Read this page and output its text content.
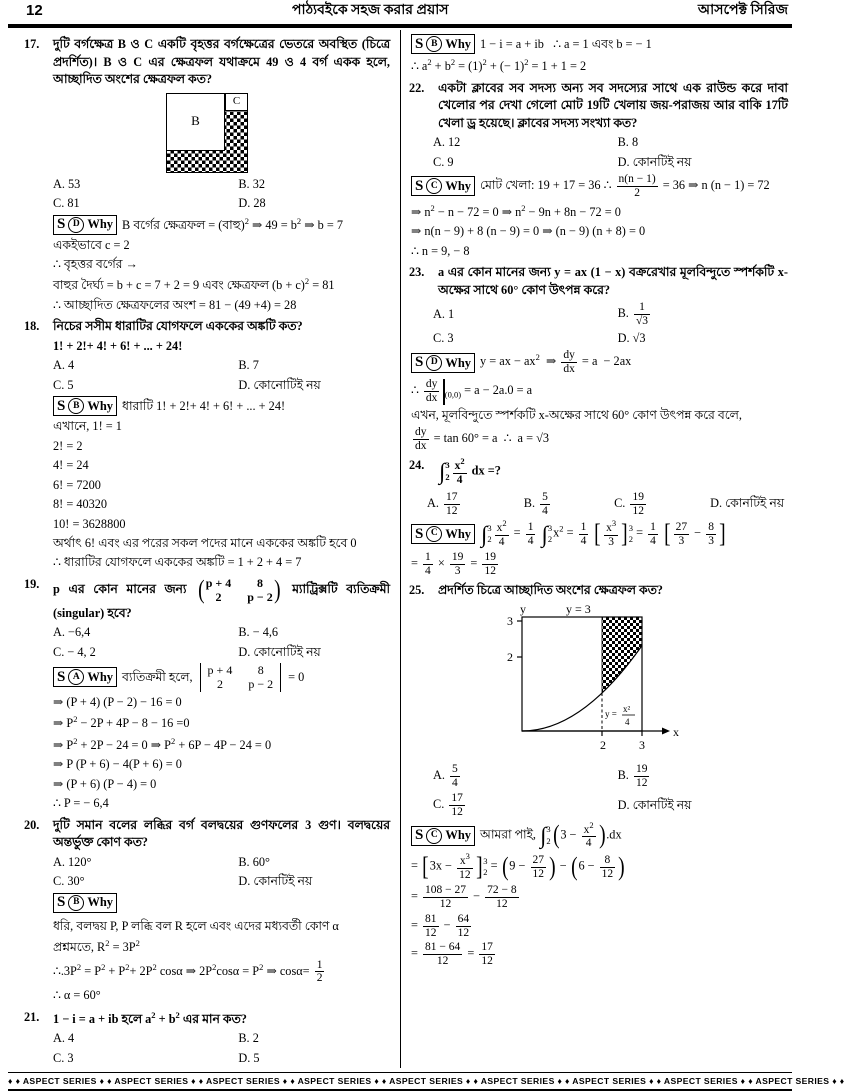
12	পাঠ্যবইকে সহজ করার প্রয়াস	আসপেক্ট সিরিজ
17.	দুটি বর্গক্ষেত্র B ও C একটি বৃহত্তর বর্গক্ষেত্রের ভেতরে অবস্থিত (চিত্রে প্রদর্শিত)। B ও C এর ক্ষেত্রফল যথাক্রমে 49 ও 4 বর্গ একক হলে, আচ্ছাদিত অংশের ক্ষেত্রফল কত?
B
C
A. 53	B. 32
C. 81	D. 28
S D Why B বর্গের ক্ষেত্রফল = (বাহু)$^2$ ⇒ $49 = b^2$ ⇒ b = 7
একইভাবে c = 2
∴ বৃহত্তর বর্গের →
বাহুর দৈর্ঘ্য = b + c = 7 + 2 = 9 এবং ক্ষেত্রফল $(b + c)^2 = 81$
∴ আচ্ছাদিত ক্ষেত্রফলের অংশ = 81 − (49 +4) = 28
18.	নিচের সসীম ধারাটির যোগফলে এককের অঙ্কটি কত?
1! + 2!+ 4! + 6! + ... + 24!
A. 4	B. 7
C. 5	D. কোনোটিই নয়
S B Why ধারাটি 1! + 2!+ 4! + 6! + ... + 24!
এখানে, 1! = 1
2! = 2
4! = 24
6! = 7200
8! = 40320
10! = 3628800
অর্থাৎ 6! এবং এর পরের সকল পদের মানে এককের অঙ্কটি হবে 0
∴ ধারাটির যোগফলে এককের অঙ্কটি = 1 + 2 + 4 = 7
19.	p এর কোন মানের জন্য ( p + 4	8
2	p − 2 ) ম্যাট্রিক্সটি ব্যতিক্রমী (singular) হবে?
A. −6,4	B. − 4,6
C. − 4, 2	D. কোনোটিই নয়
S A Why ব্যতিক্রমী হলে, p + 4	8
2	p − 2
= 0
⇒ (P + 4) (P − 2) − 16 = 0
⇒ $P^2 - 2P + 4P - 8 - 16 =0$
⇒ $P^2 + 2P - 24 = 0$ ⇒ $P^2 + 6P - 4P - 24 = 0$
⇒ P (P + 6) − 4(P + 6) = 0
⇒ (P + 6) (P − 4) = 0
∴ P = − 6,4
20.	দুটি সমান বলের লব্ধির বর্গ বলদ্বয়ের গুণফলের 3 গুণ। বলদ্বয়ের অন্তর্ভুক্ত কোণ কত?
A. 120°	B. 60°
C. 30°	D. কোনটিই নয়
S B Why
ধরি, বলদ্বয় P, P লব্ধি বল R হলে এবং এদের মধ্যবর্তী কোণ α
প্রশ্নমতে, $R^2 = 3P^2$
$\therefore.3P^2 = P^2 + P^2+ 2P^2$ cosα ⇒ $2P^2\cos\alpha = P^2$ ⇒ $\cos\alpha= \frac{1}{2}$
∴ α = 60°
21.	1 − i = a + ib হলে $a^2 + b^2$ এর মান কত?
A. 4	B. 2
C. 3	D. 5
S B Why 1 − i = a + ib   ∴ a = 1 এবং b = − 1
∴ $a^2 + b^2 = (1)^2$ + (− 1)$^2$ = 1 + 1 = 2
22.	একটা ক্লাবের সব সদস্য অন্য সব সদস্যের সাথে এক রাউন্ড করে দাবা খেলোর পর দেখা গেলো মোট 19টি খেলায় জয়-পরাজয় আর বাকি 17টি খেলা ড্র হয়েছে। ক্লাবের সদস্য সংখ্যা কত?
A. 12	B. 8
C. 9	D. কোনটিই নয়
S C Why মোট খেলা: 19 + 17 = 36 ∴ $\frac{n(n - 1)}{2} = 36$ ⇒ n (n − 1) = 72
⇒ $n^2 - n - 72 = 0$ ⇒ $n^2 - 9n + 8n - 72 = 0$
⇒ n(n − 9) + 8 (n − 9) = 0 ⇒ (n − 9) (n + 8) = 0
∴ n = 9, − 8
23.	a এর কোন মানের জন্য y = ax (1 − x) বক্ররেখার মূলবিন্দুতে স্পর্শকটি x-অক্ষের সাথে 60° কোণ উৎপন্ন করে?
A. 1	B. $\frac{1}{√3}$
C. 3	D. √3
S D Why y = ax − $ax^2$  ⇒ $\frac{dy}{dx} = a - 2ax$
∴ $\frac{dy}{dx} _{(0,0)} = a - 2a.0 = a$
এখন, মূলবিন্দুতে স্পর্শকটি x-অক্ষের সাথে 60° কোণ উৎপন্ন করে বলে,
$\frac{dy}{dx} = \tan 60^\circ = a$  ∴  a = √3
24. ∫ 3
$2 \frac{x^2}{4}$ dx =?
A. $\frac{17}{12}$	B. $\frac{5}{4}$	C. $\frac{19}{12}$	D. কোনটিই নয়
S C Why ∫ 3
$2 \frac{x^2}{4} = \frac{1}{4}$
∫ 3
2 $x^2 = \frac{1}{4}$ [ $\frac{x^3}{3}$ ] 3
$2 = \frac{1}{4}$ [ $\frac{27}{3} - \frac{8}{3}$ ]
= $\frac{1}{4} \times \frac{19}{3} = \frac{19}{12}$
25.	প্রদর্শিত চিত্রে আচ্ছাদিত অংশের ক্ষেত্রফল কত?
3
2
2	3
y	y = 3
x
y = x²
4
A. $\frac{5}{4}$	B. $\frac{19}{12}$
C. $\frac{17}{12}$	D. কোনটিই নয়
S C Why আমরা পাই, ∫ 3
2 $(3 - \frac{x^2}{4} ).dx$
= [$3x - \frac{x^3}{12}$ ] 3
$2 = (9 - \frac{27}{12}$ ) − ($6 - \frac{8}{12}$ )
= $\frac{108 - 27}{12} - \frac{72 - 8}{12}$
= $\frac{81}{12} - \frac{64}{12}$
= $\frac{81 - 64}{12} = \frac{17}{12}$
♦ ♦ ASPECT SERIES ♦ ♦ ASPECT SERIES ♦ ♦ ASPECT SERIES ♦ ♦ ASPECT SERIES ♦ ♦ ASPECT SERIES ♦ ♦ ASPECT SERIES ♦ ♦ ASPECT SERIES ♦ ♦ ASPECT SERIES ♦ ♦ ASPECT SERIES ♦ ♦
